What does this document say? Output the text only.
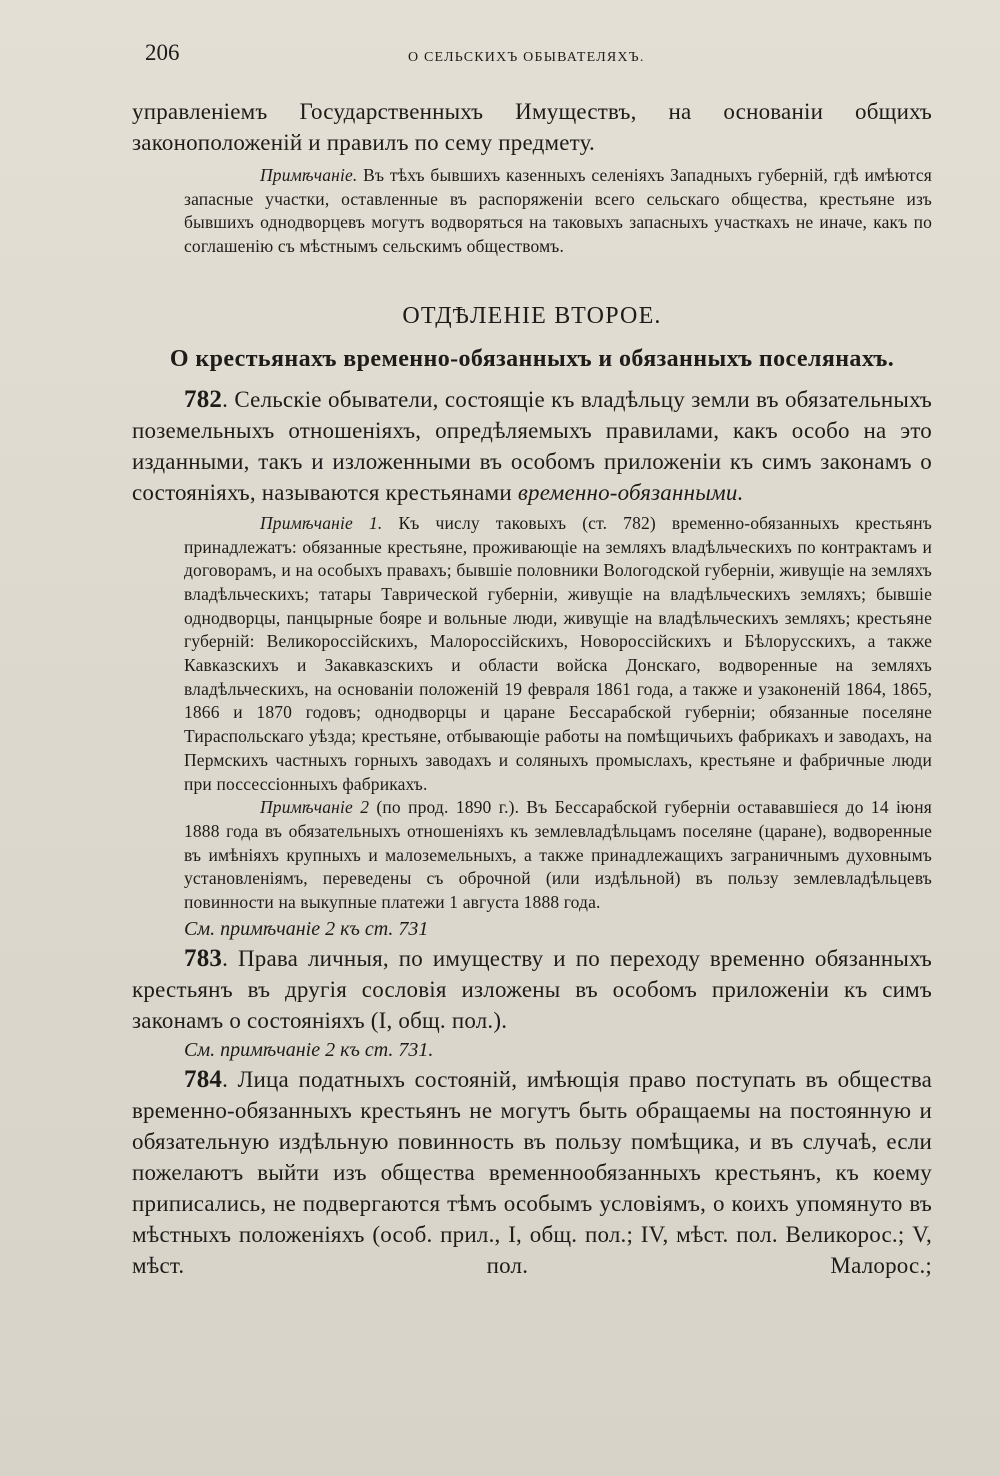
206	О СЕЛЬСКИХЪ ОБЫВАТЕЛЯХЪ.

управленіемъ Государственныхъ Имуществъ, на основаніи общихъ законоположеній и правилъ по сему предмету.

Примѣчаніе. Въ тѣхъ бывшихъ казенныхъ селеніяхъ Западныхъ губерній, гдѣ имѣются запасные участки, оставленные въ распоряженіи всего сельскаго общества, крестьяне изъ бывшихъ однодворцевъ могутъ водворяться на таковыхъ запасныхъ участкахъ не иначе, какъ по соглашенію съ мѣстнымъ сельскимъ обществомъ.

ОТДѢЛЕНІЕ ВТОРОЕ.

О крестьянахъ временно-обязанныхъ и обязанныхъ поселянахъ.

782. Сельскіе обыватели, состоящіе къ владѣльцу земли въ обязательныхъ поземельныхъ отношеніяхъ, опредѣляемыхъ правилами, какъ особо на это изданными, такъ и изложенными въ особомъ приложеніи къ симъ законамъ о состояніяхъ, называются крестьянами временно-обязанными.

Примѣчаніе 1. Къ числу таковыхъ (ст. 782) временно-обязанныхъ крестьянъ принадлежатъ: обязанные крестьяне, проживающіе на земляхъ владѣльческихъ по контрактамъ и договорамъ, и на особыхъ правахъ; бывшіе половники Вологодской губерніи, живущіе на земляхъ владѣльческихъ; татары Таврической губерніи, живущіе на владѣльческихъ земляхъ; бывшіе однодворцы, панцырные бояре и вольные люди, живущіе на владѣльческихъ земляхъ; крестьяне губерній: Великороссійскихъ, Малороссійскихъ, Новороссійскихъ и Бѣлорусскихъ, а также Кавказскихъ и Закавказскихъ и области войска Донскаго, водворенные на земляхъ владѣльческихъ, на основаніи положеній 19 февраля 1861 года, а также и узаконеній 1864, 1865, 1866 и 1870 годовъ; однодворцы и царане Бессарабской губерніи; обязанные поселяне Тираспольскаго уѣзда; крестьяне, отбывающіе работы на помѣщичьихъ фабрикахъ и заводахъ, на Пермскихъ частныхъ горныхъ заводахъ и соляныхъ промыслахъ, крестьяне и фабричные люди при поссессіонныхъ фабрикахъ.

Примѣчаніе 2 (по прод. 1890 г.). Въ Бессарабской губерніи остававшіеся до 14 іюня 1888 года въ обязательныхъ отношеніяхъ къ землевладѣльцамъ поселяне (царане), водворенные въ имѣніяхъ крупныхъ и малоземельныхъ, а также принадлежащихъ заграничнымъ духовнымъ установленіямъ, переведены съ оброчной (или издѣльной) въ пользу землевладѣльцевъ повинности на выкупные платежи 1 августа 1888 года.

См. примѣчаніе 2 къ ст. 731

783. Права личныя, по имуществу и по переходу временно обязанныхъ крестьянъ въ другія сословія изложены въ особомъ приложеніи къ симъ законамъ о состояніяхъ (I, общ. пол.).

См. примѣчаніе 2 къ ст. 731.

784. Лица податныхъ состояній, имѣющія право поступать въ общества временно-обязанныхъ крестьянъ не могутъ быть обращаемы на постоянную и обязательную издѣльную повинность въ пользу помѣщика, и въ случаѣ, если пожелаютъ выйти изъ общества временнообязанныхъ крестьянъ, къ коему приписались, не подвергаются тѣмъ особымъ условіямъ, о коихъ упомянуто въ мѣстныхъ положеніяхъ (особ. прил., I, общ. пол.; IV, мѣст. пол. Великорос.; V, мѣст. пол. Малорос.;
